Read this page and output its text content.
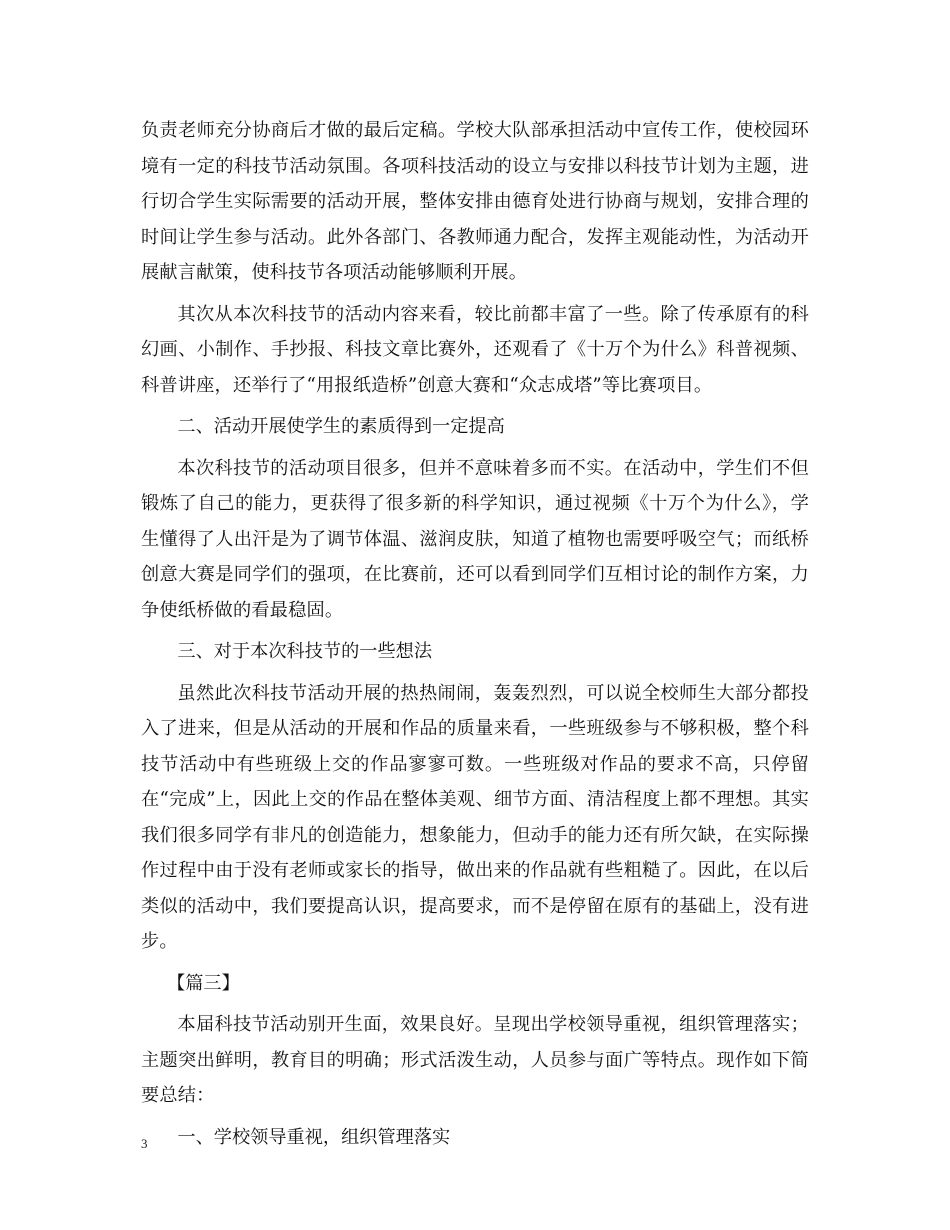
负责老师充分协商后才做的最后定稿。学校大队部承担活动中宣传工作，使校园环境有一定的科技节活动氛围。各项科技活动的设立与安排以科技节计划为主题，进行切合学生实际需要的活动开展，整体安排由德育处进行协商与规划，安排合理的时间让学生参与活动。此外各部门、各教师通力配合，发挥主观能动性，为活动开展献言献策，使科技节各项活动能够顺利开展。

其次从本次科技节的活动内容来看，较比前都丰富了一些。除了传承原有的科幻画、小制作、手抄报、科技文章比赛外，还观看了《十万个为什么》科普视频、科普讲座，还举行了“用报纸造桥”创意大赛和“众志成塔”等比赛项目。

二、活动开展使学生的素质得到一定提高

本次科技节的活动项目很多，但并不意味着多而不实。在活动中，学生们不但锻炼了自己的能力，更获得了很多新的科学知识，通过视频《十万个为什么》，学生懂得了人出汗是为了调节体温、滋润皮肤，知道了植物也需要呼吸空气；而纸桥创意大赛是同学们的强项，在比赛前，还可以看到同学们互相讨论的制作方案，力争使纸桥做的看最稳固。

三、对于本次科技节的一些想法

虽然此次科技节活动开展的热热闹闹，轰轰烈烈，可以说全校师生大部分都投入了进来，但是从活动的开展和作品的质量来看，一些班级参与不够积极，整个科技节活动中有些班级上交的作品寥寥可数。一些班级对作品的要求不高，只停留在“完成”上，因此上交的作品在整体美观、细节方面、清洁程度上都不理想。其实我们很多同学有非凡的创造能力，想象能力，但动手的能力还有所欠缺，在实际操作过程中由于没有老师或家长的指导，做出来的作品就有些粗糙了。因此，在以后类似的活动中，我们要提高认识，提高要求，而不是停留在原有的基础上，没有进步。

【篇三】

本届科技节活动别开生面，效果良好。呈现出学校领导重视，组织管理落实；主题突出鲜明，教育目的明确；形式活泼生动，人员参与面广等特点。现作如下简要总结：

一、学校领导重视，组织管理落实

3
